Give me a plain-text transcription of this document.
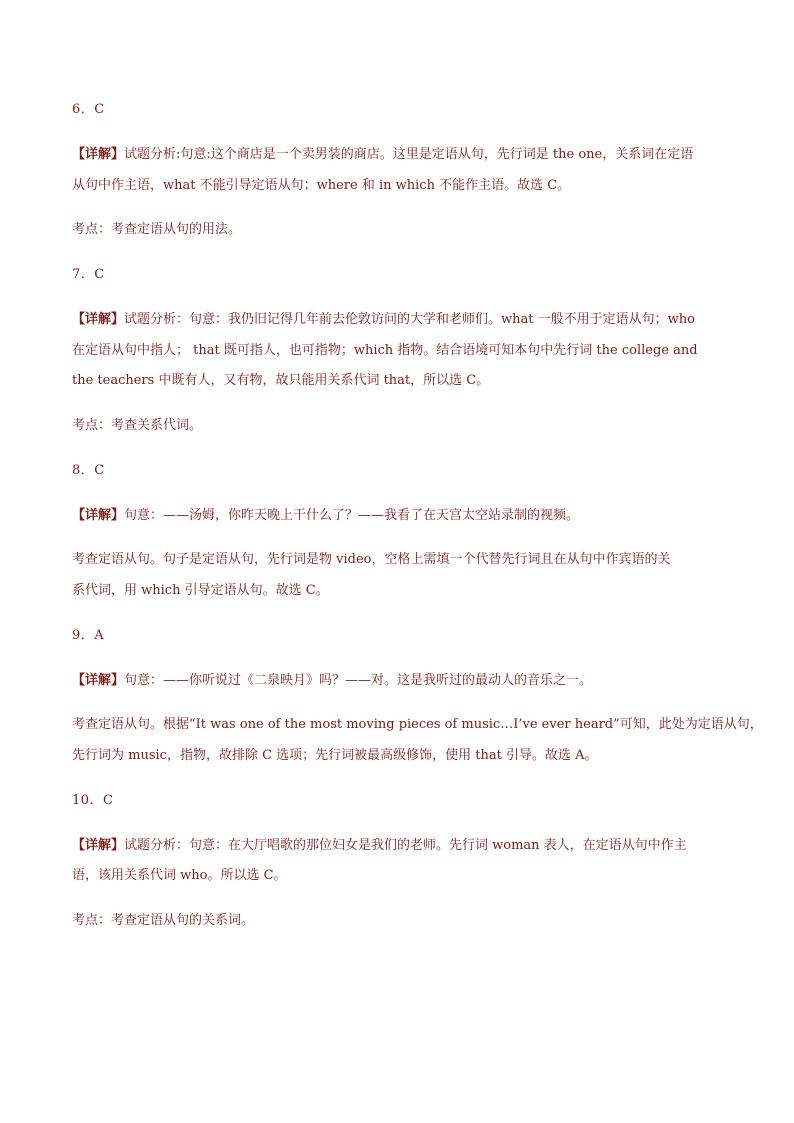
6．C
【详解】试题分析:句意:这个商店是一个卖男装的商店。这里是定语从句，先行词是 the one，关系词在定语
从句中作主语，what 不能引导定语从句；where 和 in which 不能作主语。故选 C。
考点：考查定语从句的用法。
7．C
【详解】试题分析：句意：我仍旧记得几年前去伦敦访问的大学和老师们。what 一般不用于定语从句；who
在定语从句中指人； that 既可指人，也可指物；which 指物。结合语境可知本句中先行词 the college and
the teachers 中既有人，又有物，故只能用关系代词 that，所以选 C。
考点：考查关系代词。
8．C
【详解】句意：——汤姆，你昨天晚上干什么了？——我看了在天宫太空站录制的视频。
考查定语从句。句子是定语从句，先行词是物 video，空格上需填一个代替先行词且在从句中作宾语的关
系代词，用 which 引导定语从句。故选 C。
9．A
【详解】句意：——你听说过《二泉映月》吗？——对。这是我听过的最动人的音乐之一。
考查定语从句。根据“It was one of the most moving pieces of music…I’ve ever heard”可知，此处为定语从句，
先行词为 music，指物，故排除 C 选项；先行词被最高级修饰，使用 that 引导。故选 A。
10．C
【详解】试题分析：句意：在大厅唱歌的那位妇女是我们的老师。先行词 woman 表人，在定语从句中作主
语，该用关系代词 who。所以选 C。
考点：考查定语从句的关系词。
